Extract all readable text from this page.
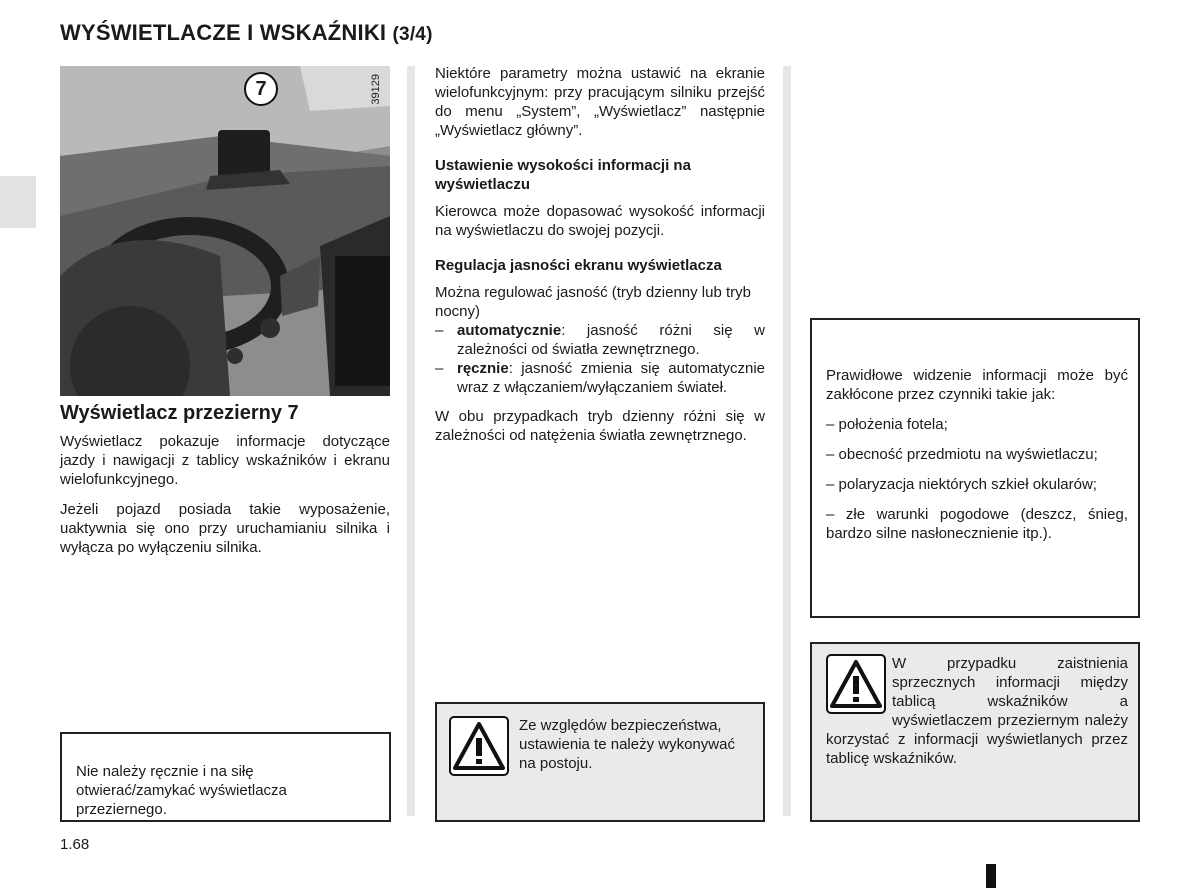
WYŚWIETLACZE I WSKAŹNIKI (3/4)
7	39129
Wyświetlacz przezierny 7

Wyświetlacz pokazuje informacje dotyczące jazdy i nawigacji z tablicy wskaźników i ekranu wielofunkcyjnego.

Jeżeli pojazd posiada takie wyposażenie, uaktywnia się ono przy uruchamianiu silnika i wyłącza po wyłączeniu silnika.

Nie należy ręcznie i na siłę otwierać/zamykać wyświetlacza przeziernego.

Niektóre parametry można ustawić na ekranie wielofunkcyjnym: przy pracującym silniku przejść do menu „System”, „Wyświetlacz” następnie „Wyświetlacz główny”.

Ustawienie wysokości informacji na wyświetlaczu

Kierowca może dopasować wysokość informacji na wyświetlaczu do swojej pozycji.

Regulacja jasności ekranu wyświetlacza

Można regulować jasność (tryb dzienny lub tryb nocny)

– automatycznie: jasność różni się w zależności od światła zewnętrznego.
– ręcznie: jasność zmienia się automatycznie wraz z włączaniem/wyłączaniem świateł.

W obu przypadkach tryb dzienny różni się w zależności od natężenia światła zewnętrznego.

Ze względów bezpieczeństwa, ustawienia te należy wykonywać na postoju.

Prawidłowe widzenie informacji może być zakłócone przez czynniki takie jak:

– położenia fotela;

– obecność przedmiotu na wyświetlaczu;

– polaryzacja niektórych szkieł okularów;

– złe warunki pogodowe (deszcz, śnieg, bardzo silne nasłonecznienie itp.).

W przypadku zaistnienia sprzecznych informacji między tablicą wskaźników a wyświetlaczem przeziernym należy korzystać z informacji wyświetlanych przez tablicę wskaźników.

1.68
